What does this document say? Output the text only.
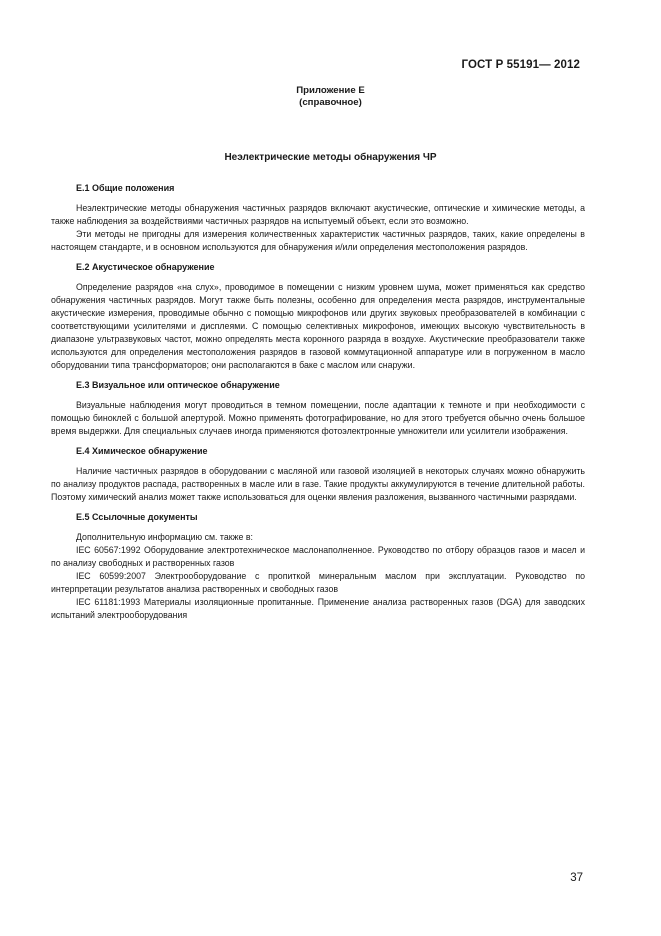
ГОСТ Р 55191— 2012

Приложение Е
(справочное)

Неэлектрические методы обнаружения ЧР

Е.1 Общие положения

Неэлектрические методы обнаружения частичных разрядов включают акустические, оптические и химические методы, а также наблюдения за воздействиями частичных разрядов на испытуемый объект, если это возможно.

Эти методы не пригодны для измерения количественных характеристик частичных разрядов, таких, какие определены в настоящем стандарте, и в основном используются для обнаружения и/или определения местоположения разрядов.

Е.2 Акустическое обнаружение

Определение разрядов «на слух», проводимое в помещении с низким уровнем шума, может применяться как средство обнаружения частичных разрядов. Могут также быть полезны, особенно для определения места разрядов, инструментальные акустические измерения, проводимые обычно с помощью микрофонов или других звуковых преобразователей в комбинации с соответствующими усилителями и дисплеями. С помощью селективных микрофонов, имеющих высокую чувствительность в диапазоне ультразвуковых частот, можно определять места коронного разряда в воздухе. Акустические преобразователи также используются для определения местоположения разрядов в газовой коммутационной аппаратуре или в погруженном в масло оборудовании типа трансформаторов; они располагаются в баке с маслом или снаружи.

Е.3 Визуальное или оптическое обнаружение

Визуальные наблюдения могут проводиться в темном помещении, после адаптации к темноте и при необходимости с помощью биноклей с большой апертурой. Можно применять фотографирование, но для этого требуется обычно очень большое время выдержки. Для специальных случаев иногда применяются фотоэлектронные умножители или усилители изображения.

Е.4 Химическое обнаружение

Наличие частичных разрядов в оборудовании с масляной или газовой изоляцией в некоторых случаях можно обнаружить по анализу продуктов распада, растворенных в масле или в газе. Такие продукты аккумулируются в течение длительной работы. Поэтому химический анализ может также использоваться для оценки явления разложения, вызванного частичными разрядами.

Е.5 Ссылочные документы

Дополнительную информацию см. также в:

IEC 60567:1992 Оборудование электротехническое маслонаполненное. Руководство по отбору образцов газов и масел и по анализу свободных и растворенных газов

IEC 60599:2007 Электрооборудование с пропиткой минеральным маслом при эксплуатации. Руководство по интерпретации результатов анализа растворенных и свободных газов

IEC 61181:1993 Материалы изоляционные пропитанные. Применение анализа растворенных газов (DGA) для заводских испытаний электрооборудования

37
